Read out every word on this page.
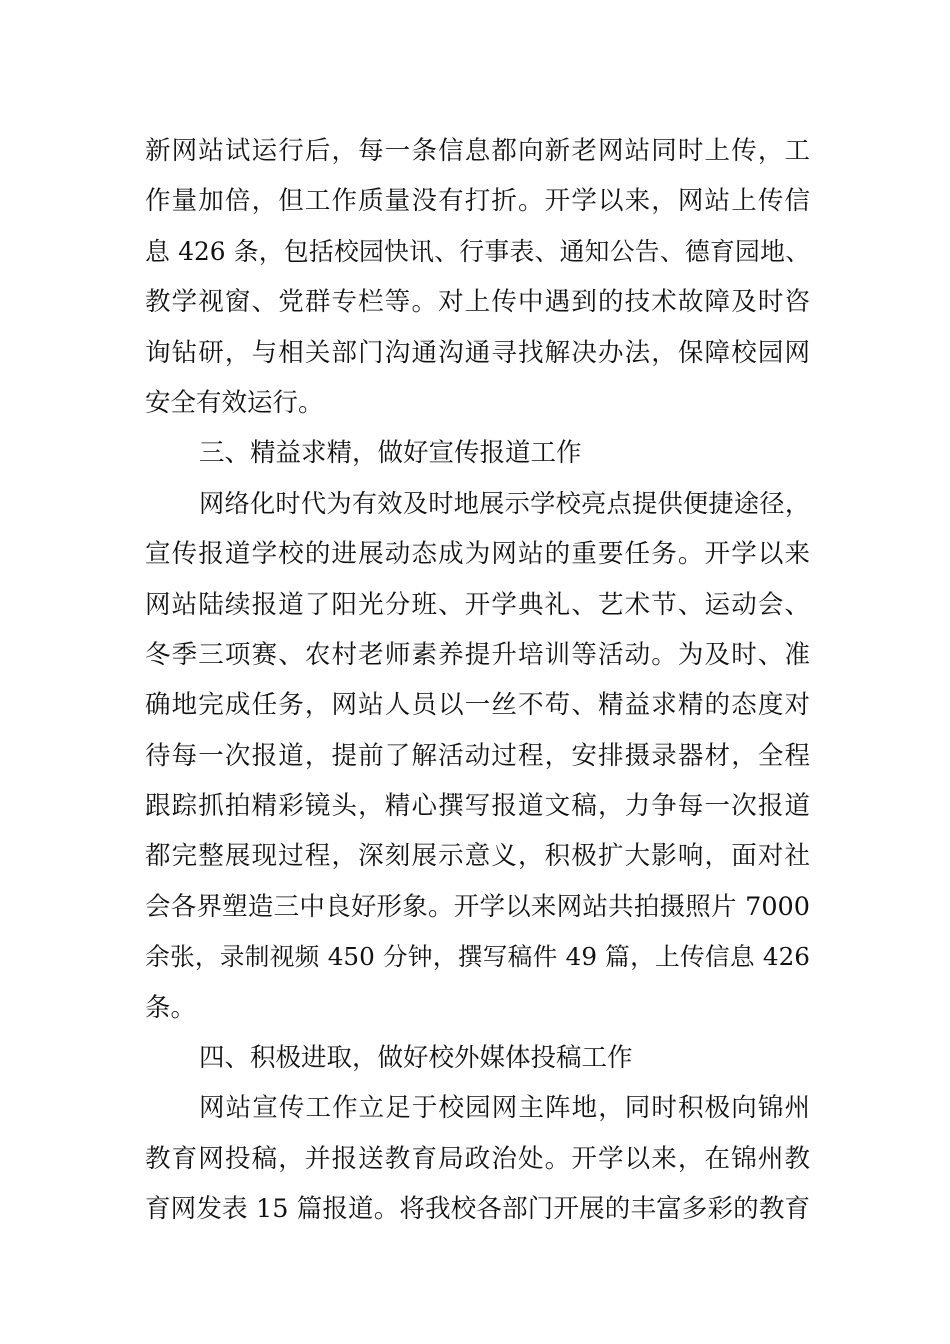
新网站试运行后，每一条信息都向新老网站同时上传，工
作量加倍，但工作质量没有打折。开学以来，网站上传信
息 426 条，包括校园快讯、行事表、通知公告、德育园地、
教学视窗、党群专栏等。对上传中遇到的技术故障及时咨
询钻研，与相关部门沟通沟通寻找解决办法，保障校园网
安全有效运行。
三、精益求精，做好宣传报道工作
网络化时代为有效及时地展示学校亮点提供便捷途径，
宣传报道学校的进展动态成为网站的重要任务。开学以来
网站陆续报道了阳光分班、开学典礼、艺术节、运动会、
冬季三项赛、农村老师素养提升培训等活动。为及时、准
确地完成任务，网站人员以一丝不苟、精益求精的态度对
待每一次报道，提前了解活动过程，安排摄录器材，全程
跟踪抓拍精彩镜头，精心撰写报道文稿，力争每一次报道
都完整展现过程，深刻展示意义，积极扩大影响，面对社
会各界塑造三中良好形象。开学以来网站共拍摄照片 7000
余张，录制视频 450 分钟，撰写稿件 49 篇，上传信息 426
条。
四、积极进取，做好校外媒体投稿工作
网站宣传工作立足于校园网主阵地，同时积极向锦州
教育网投稿，并报送教育局政治处。开学以来，在锦州教
育网发表 15 篇报道。将我校各部门开展的丰富多彩的教育
